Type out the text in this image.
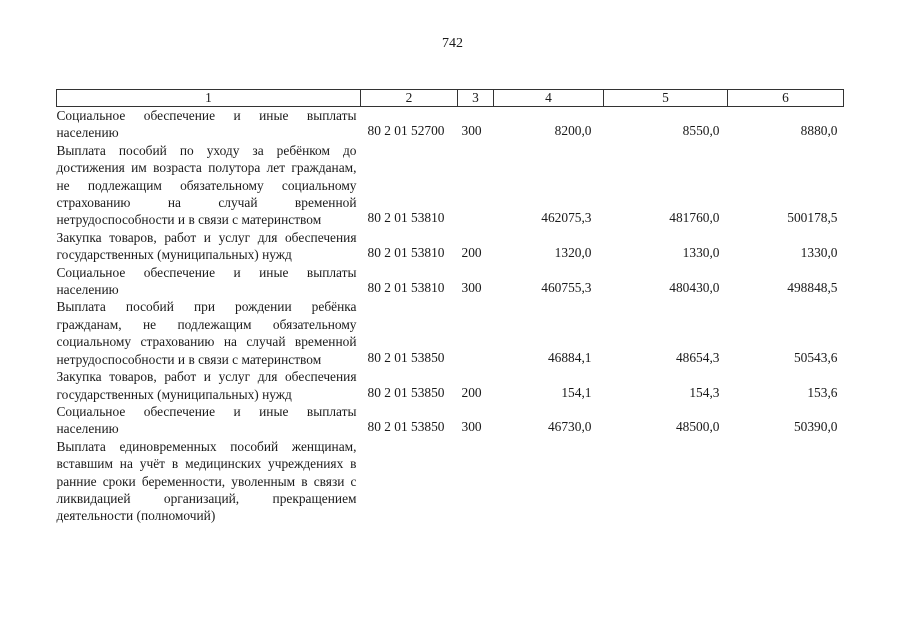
742
1	2	3	4	5	6
Социальное обеспечение и иные выплаты населению	80 2 01 52700	300	8200,0	8550,0	8880,0
Выплата пособий по уходу за ребёнком до достижения им возраста полутора лет гражданам, не подлежащим обязательному социальному страхованию на случай временной нетрудоспособности и в связи с материнством	80 2 01 53810		462075,3	481760,0	500178,5
Закупка товаров, работ и услуг для обеспечения государственных (муниципальных) нужд	80 2 01 53810	200	1320,0	1330,0	1330,0
Социальное обеспечение и иные выплаты населению	80 2 01 53810	300	460755,3	480430,0	498848,5
Выплата пособий при рождении ребёнка гражданам, не подлежащим обязательному социальному страхованию на случай временной нетрудоспособности и в связи с материнством	80 2 01 53850		46884,1	48654,3	50543,6
Закупка товаров, работ и услуг для обеспечения государственных (муниципальных) нужд	80 2 01 53850	200	154,1	154,3	153,6
Социальное обеспечение и иные выплаты населению	80 2 01 53850	300	46730,0	48500,0	50390,0
Выплата единовременных пособий женщинам, вставшим на учёт в медицинских учреждениях в ранние сроки беременности, уволенным в связи с ликвидацией организаций, прекращением деятельности (полномочий)					
